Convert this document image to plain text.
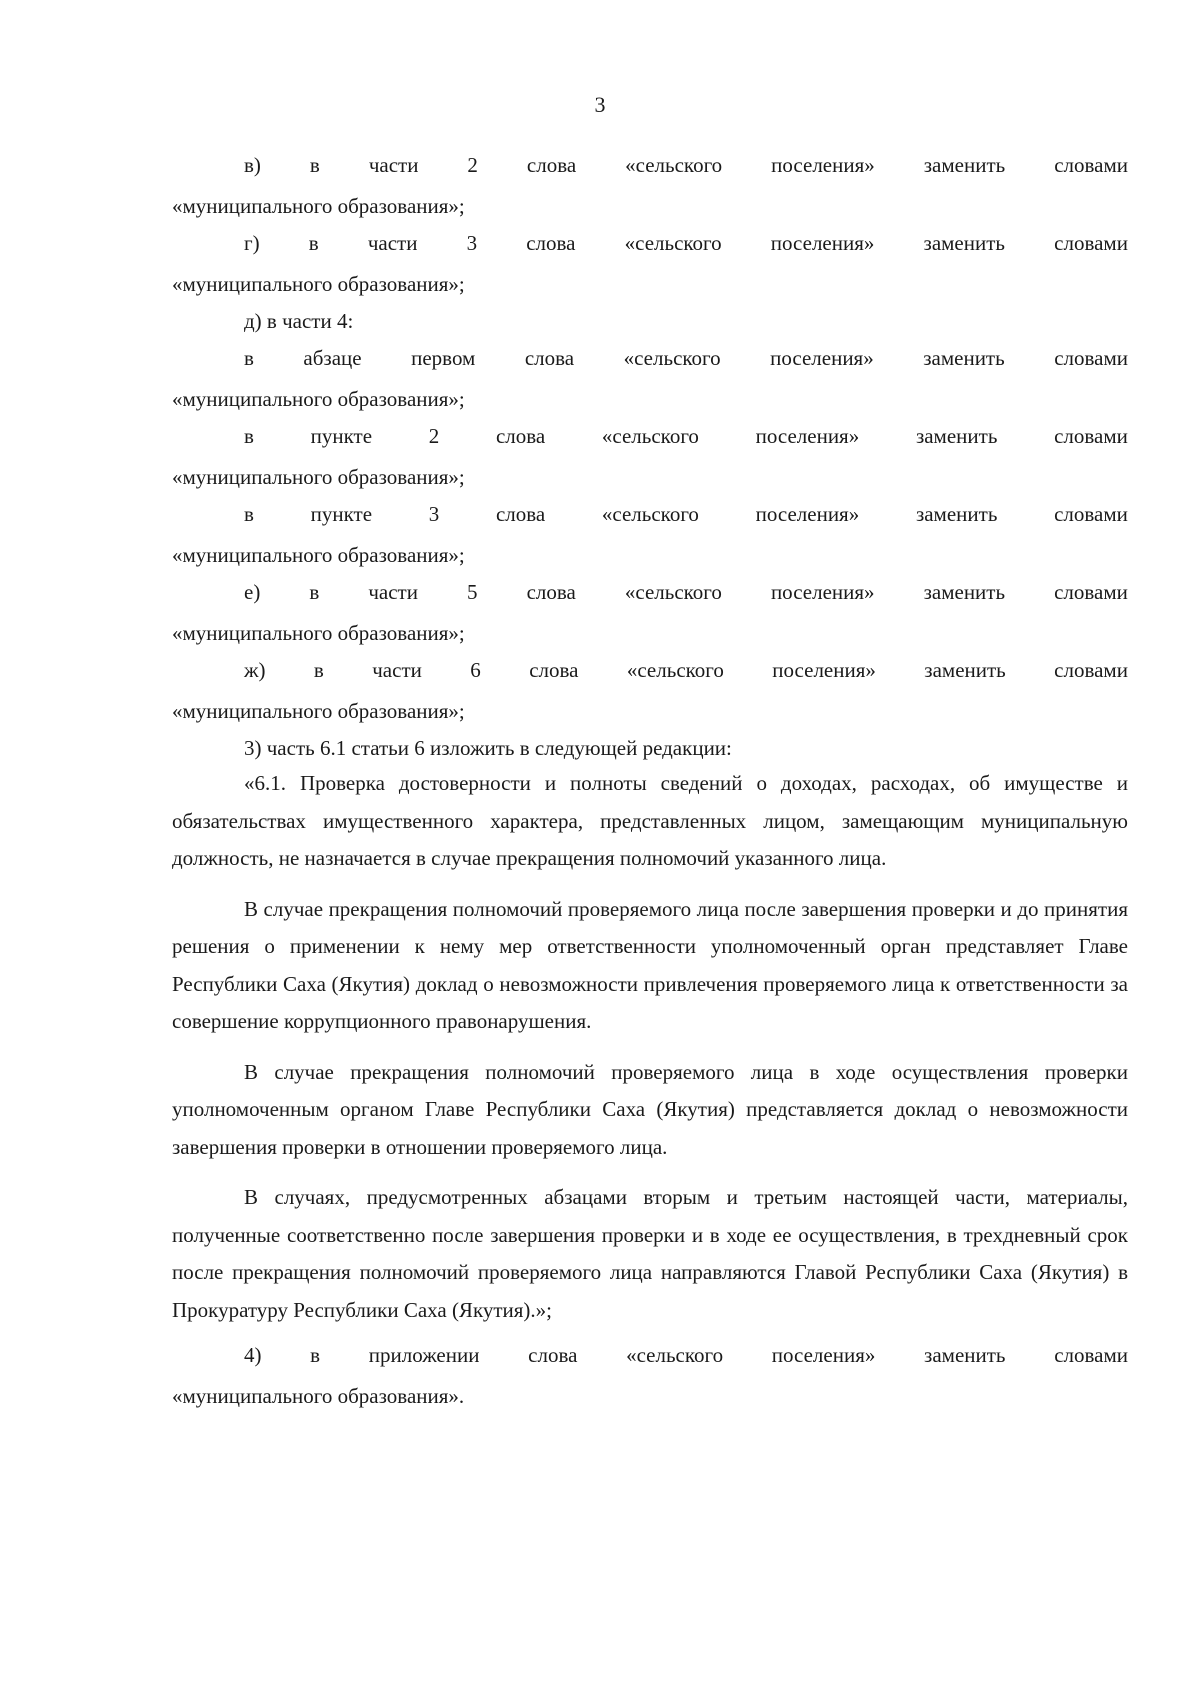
3
в) в части 2 слова «сельского поселения» заменить словами
«муниципального образования»;
г) в части 3 слова «сельского поселения» заменить словами
«муниципального образования»;
д) в части 4:
в абзаце первом слова «сельского поселения» заменить словами
«муниципального образования»;
в	пункте	2	слова	«сельского	поселения»	заменить	словами
«муниципального образования»;
в	пункте	3	слова	«сельского	поселения»	заменить	словами
«муниципального образования»;
е) в части 5 слова «сельского поселения» заменить словами
«муниципального образования»;
ж) в части 6 слова «сельского поселения» заменить словами
«муниципального образования»;
3) часть 6.1 статьи 6 изложить в следующей редакции:

«6.1. Проверка достоверности и полноты сведений о доходах, расходах, об имуществе и обязательствах имущественного характера, представленных лицом, замещающим муниципальную должность, не назначается в случае прекращения полномочий указанного лица.

В случае прекращения полномочий проверяемого лица после завершения проверки и до принятия решения о применении к нему мер ответственности уполномоченный орган представляет Главе Республики Саха (Якутия) доклад о невозможности привлечения проверяемого лица к ответственности за совершение коррупционного правонарушения.

В случае прекращения полномочий проверяемого лица в ходе осуществления проверки уполномоченным органом Главе Республики Саха (Якутия) представляется доклад о невозможности завершения проверки в отношении проверяемого лица.

В случаях, предусмотренных абзацами вторым и третьим настоящей части, материалы, полученные соответственно после завершения проверки и в ходе ее осуществления, в трехдневный срок после прекращения полномочий проверяемого лица направляются Главой Республики Саха (Якутия) в Прокуратуру Республики Саха (Якутия).»;

4) в приложении слова «сельского поселения» заменить словами
«муниципального образования».
